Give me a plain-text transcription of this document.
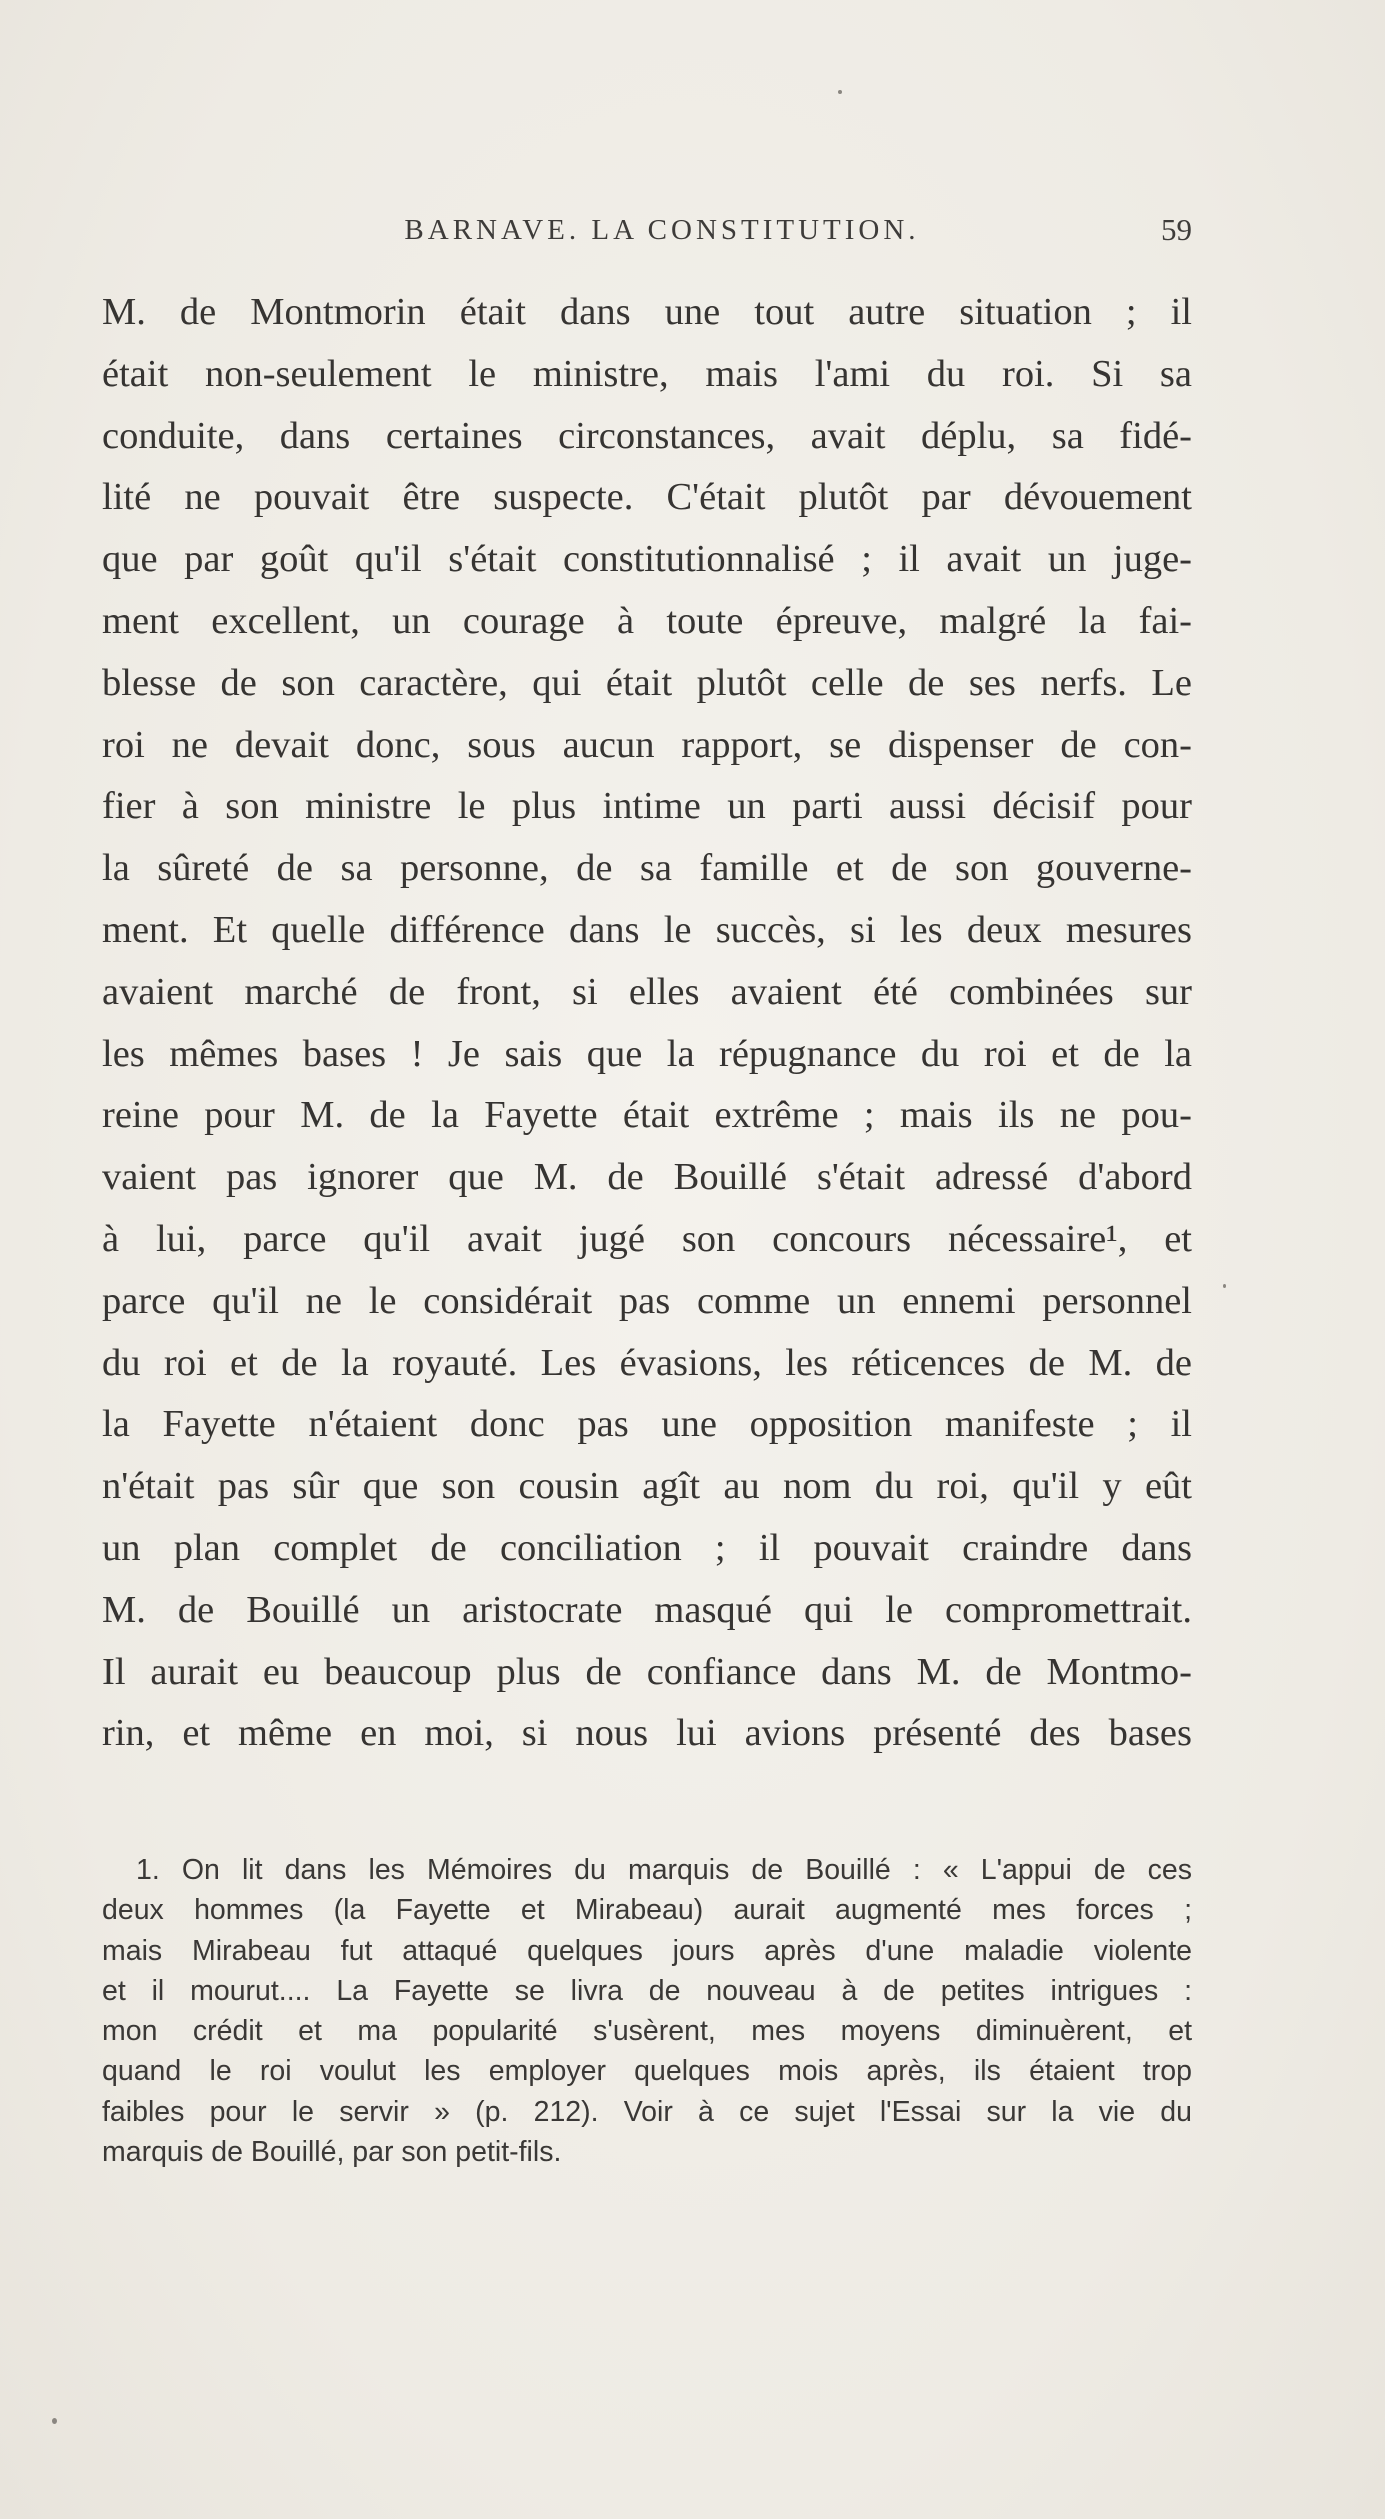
BARNAVE. LA CONSTITUTION.	59
M. de Montmorin était dans une tout autre situation ; il
était non-seulement le ministre, mais l'ami du roi. Si sa
conduite, dans certaines circonstances, avait déplu, sa fidé-
lité ne pouvait être suspecte. C'était plutôt par dévouement
que par goût qu'il s'était constitutionnalisé ; il avait un juge-
ment excellent, un courage à toute épreuve, malgré la fai-
blesse de son caractère, qui était plutôt celle de ses nerfs. Le
roi ne devait donc, sous aucun rapport, se dispenser de con-
fier à son ministre le plus intime un parti aussi décisif pour
la sûreté de sa personne, de sa famille et de son gouverne-
ment. Et quelle différence dans le succès, si les deux mesures
avaient marché de front, si elles avaient été combinées sur
les mêmes bases ! Je sais que la répugnance du roi et de la
reine pour M. de la Fayette était extrême ; mais ils ne pou-
vaient pas ignorer que M. de Bouillé s'était adressé d'abord
à lui, parce qu'il avait jugé son concours nécessaire¹, et
parce qu'il ne le considérait pas comme un ennemi personnel
du roi et de la royauté. Les évasions, les réticences de M. de
la Fayette n'étaient donc pas une opposition manifeste ; il
n'était pas sûr que son cousin agît au nom du roi, qu'il y eût
un plan complet de conciliation ; il pouvait craindre dans
M. de Bouillé un aristocrate masqué qui le compromettrait.
Il aurait eu beaucoup plus de confiance dans M. de Montmo-
rin, et même en moi, si nous lui avions présenté des bases
1. On lit dans les Mémoires du marquis de Bouillé : « L'appui de ces
deux hommes (la Fayette et Mirabeau) aurait augmenté mes forces ;
mais Mirabeau fut attaqué quelques jours après d'une maladie violente
et il mourut.... La Fayette se livra de nouveau à de petites intrigues :
mon crédit et ma popularité s'usèrent, mes moyens diminuèrent, et
quand le roi voulut les employer quelques mois après, ils étaient trop
faibles pour le servir » (p. 212). Voir à ce sujet l'Essai sur la vie du
marquis de Bouillé, par son petit-fils.
